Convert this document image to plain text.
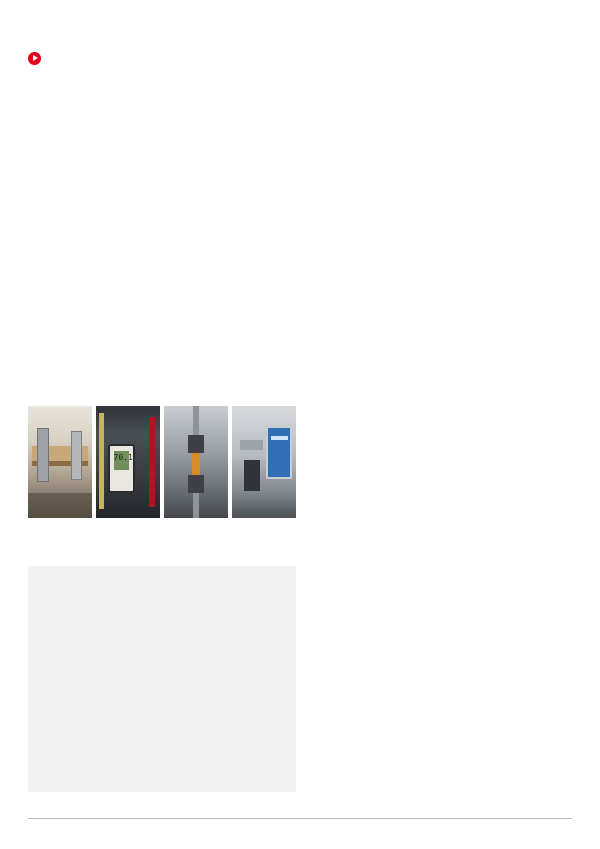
70.1
